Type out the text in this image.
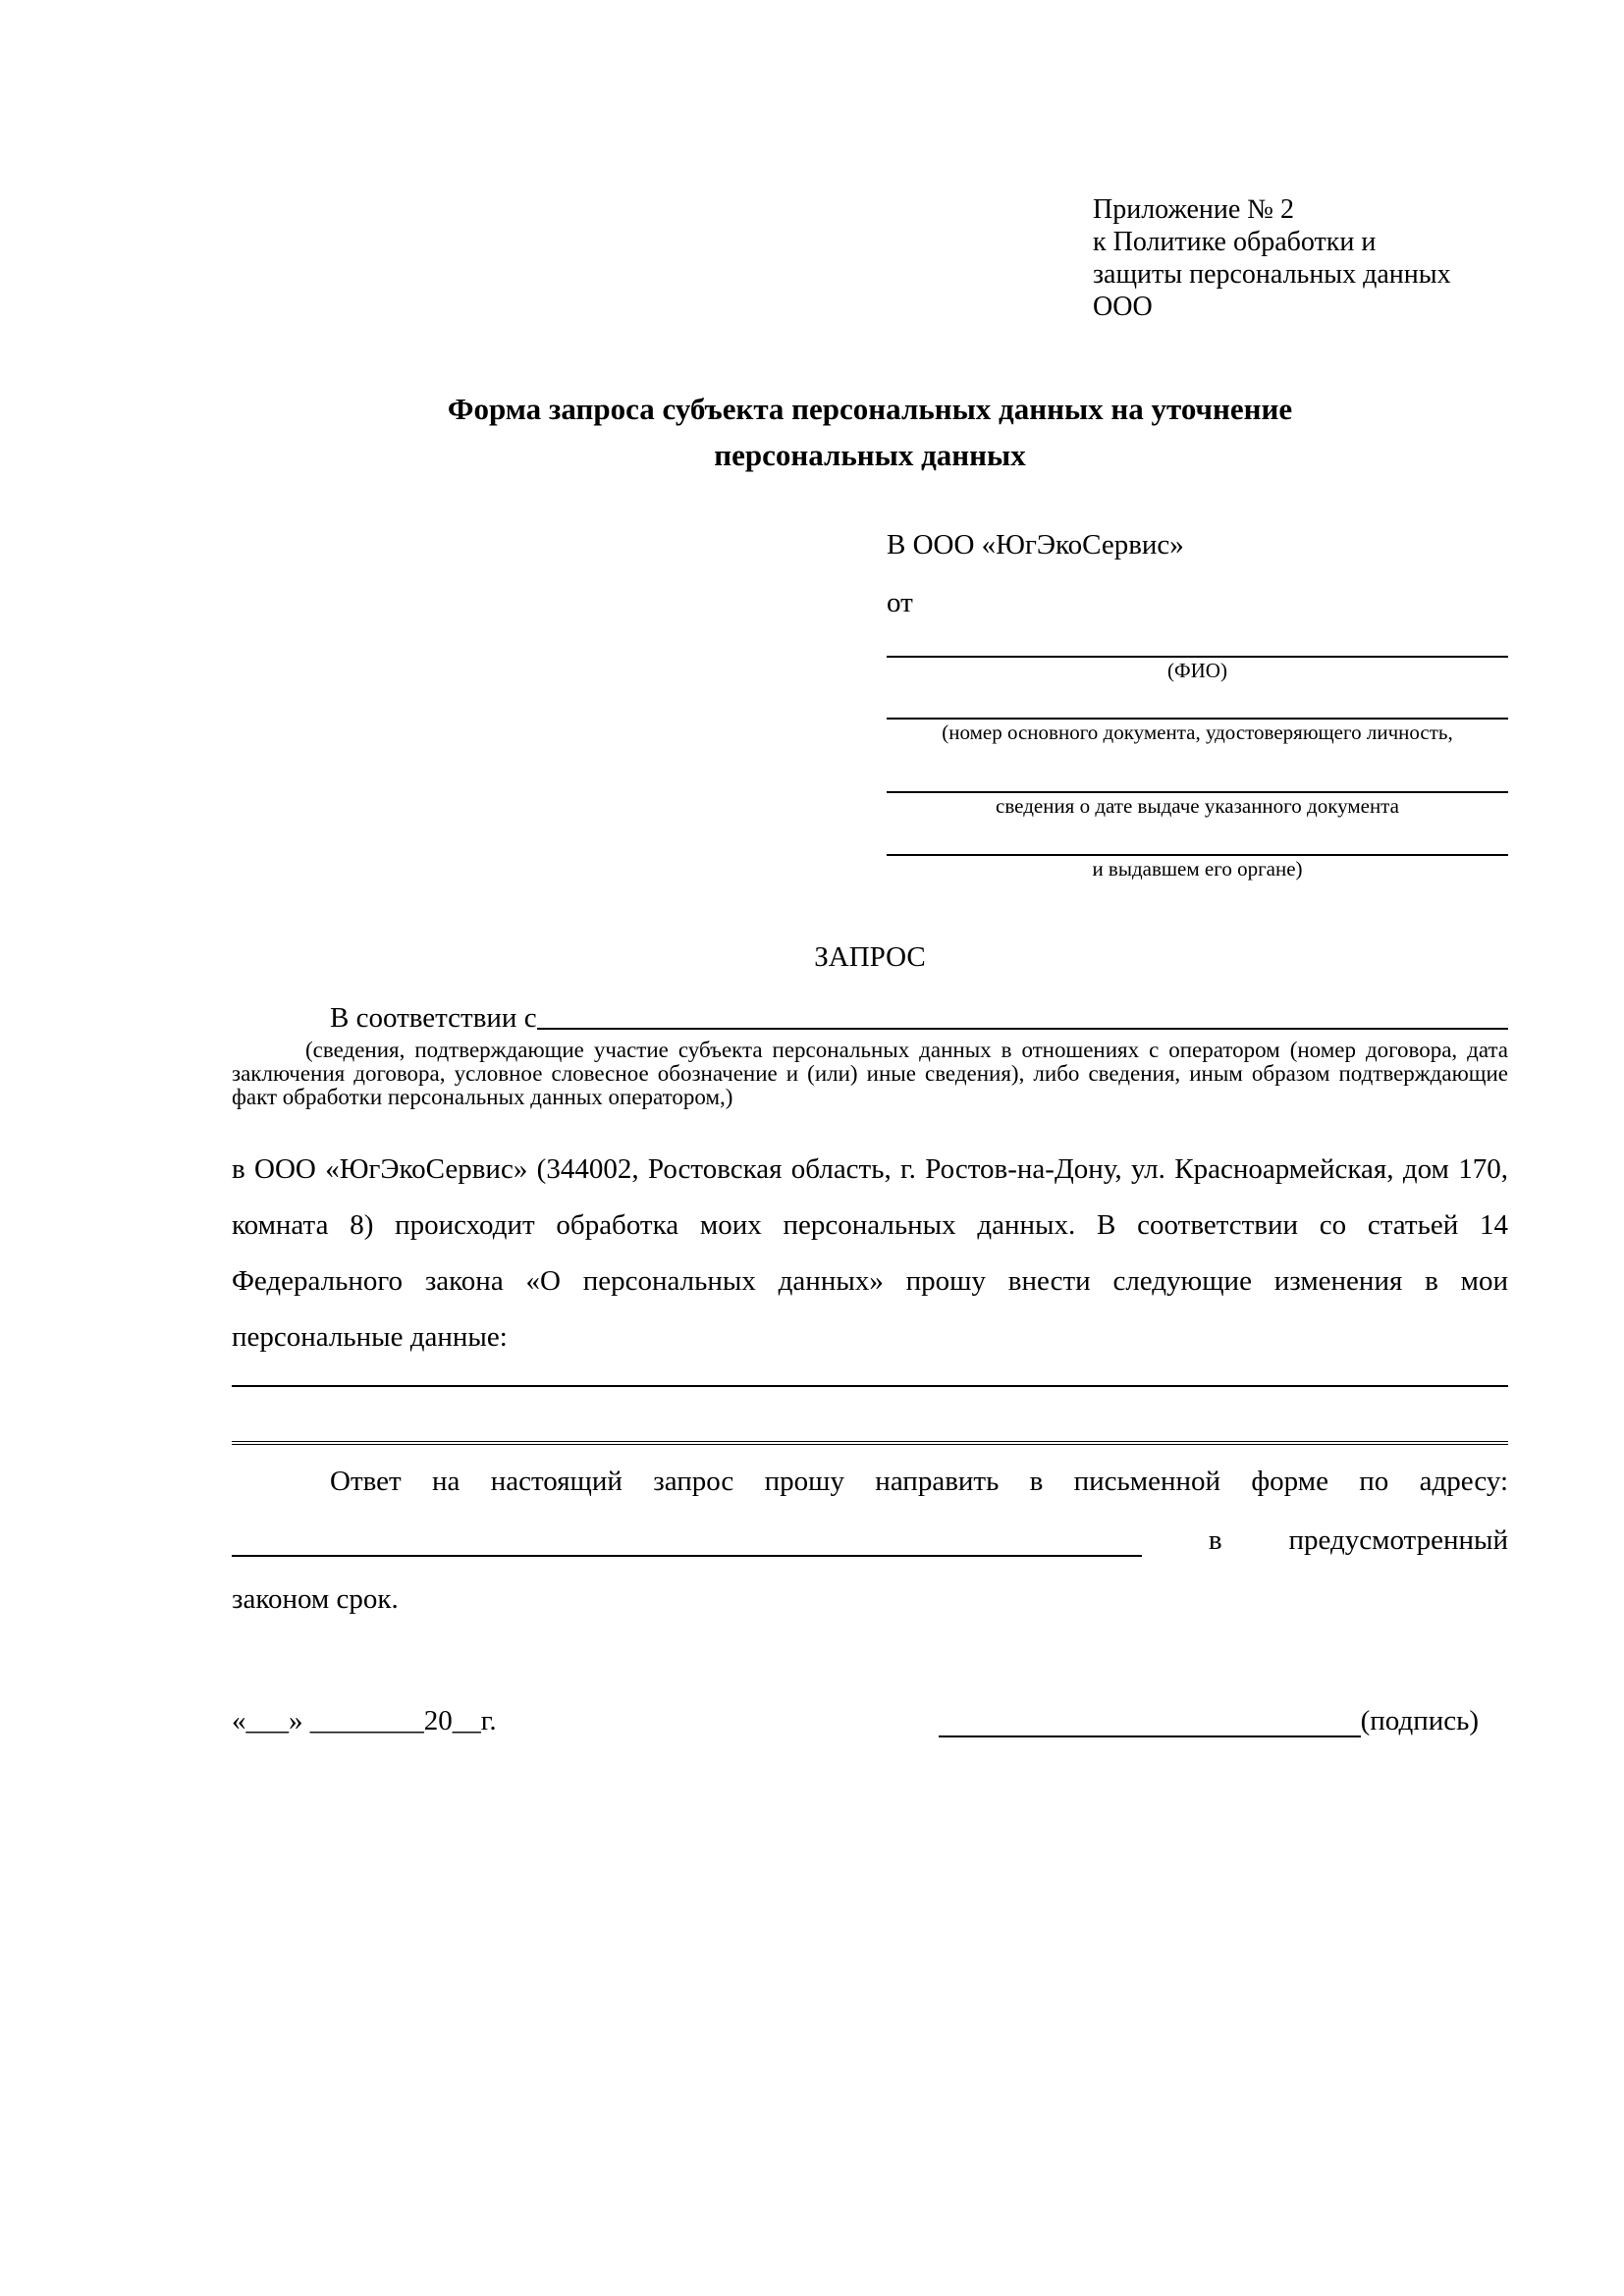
Приложение № 2
к Политике обработки и
защиты персональных данных
ООО
Форма запроса субъекта персональных данных на уточнение
персональных данных
В ООО «ЮгЭкоСервис»
от
(ФИО)
(номер основного документа, удостоверяющего личность,
сведения о дате выдаче указанного документа
и выдавшем его органе)
ЗАПРОС
В соответствии с
(сведения, подтверждающие участие субъекта персональных данных в отношениях с оператором (номер договора, дата заключения договора, условное словесное обозначение и (или) иные сведения), либо сведения, иным образом подтверждающие факт обработки персональных данных оператором,)
в ООО «ЮгЭкоСервис» (344002, Ростовская область, г. Ростов-на-Дону, ул. Красноармейская, дом 170, комната 8) происходит обработка моих персональных данных. В соответствии со статьей 14 Федерального закона «О персональных данных» прошу внести следующие изменения в мои персональные данные:
Ответ на настоящий запрос прошу направить в письменной форме по адресу:
в предусмотренный
законом срок.
«___» ________20__г.	(подпись)
